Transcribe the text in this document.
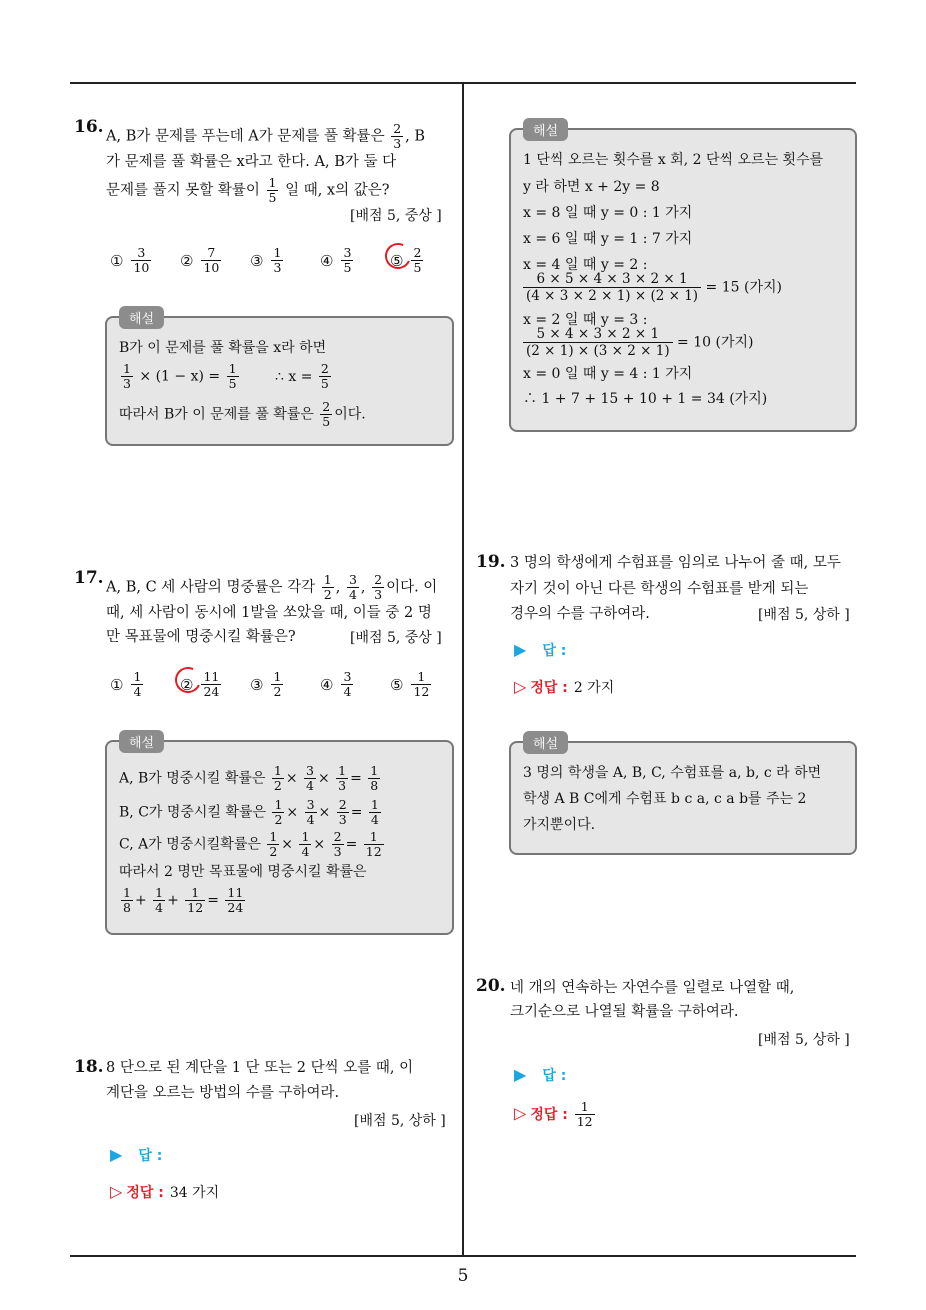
16. A, B가 문제를 푸는데 A가 문제를 풀 확률은 $\frac{2}{3}$ , B
가 문제를 풀 확률은 x라고 한다. A, B가 둘 다
문제를 풀지 못할 확률이 $\frac{1}{5}$ 일 때, x의 값은?
[배점 5, 중상 ]
① $\frac{3}{10}$ ② $\frac{7}{10}$ ③ $\frac{1}{3}$ ④ $\frac{3}{5}$ ⑤ $\frac{2}{5}$
해설
B가 이 문제를 풀 확률을 x라 하면
$\frac{1}{3} \times (1 - x) = \frac{1}{5}$	∴ $x = \frac{2}{5}$
따라서 B가 이 문제를 풀 확률은 $\frac{2}{5}$ 이다.
17. A, B, C 세 사람의 명중률은 각각 $\frac{1}{2}$ , $\frac{3}{4}$ , $\frac{2}{3}$ 이다. 이
때, 세 사람이 동시에 1발을 쏘았을 때, 이들 중 2 명
만 목표물에 명중시킬 확률은?	[배점 5, 중상 ]
① $\frac{1}{4}$ ② $\frac{11}{24}$ ③ $\frac{1}{2}$ ④ $\frac{3}{4}$ ⑤ $\frac{1}{12}$
해설
A, B가 명중시킬 확률은 $\frac{1}{2} \times \frac{3}{4} \times \frac{1}{3} = \frac{1}{8}$
B, C가 명중시킬 확률은 $\frac{1}{2} \times \frac{3}{4} \times \frac{2}{3} = \frac{1}{4}$
C, A가 명중시킬확률은 $\frac{1}{2} \times \frac{1}{4} \times \frac{2}{3} = \frac{1}{12}$
따라서 2 명만 목표물에 명중시킬 확률은
$\frac{1}{8} + \frac{1}{4} + \frac{1}{12} = \frac{11}{24}$
18. 8 단으로 된 계단을 1 단 또는 2 단씩 오를 때, 이
계단을 오르는 방법의 수를 구하여라.
[배점 5, 상하 ]
▶ 답 :
▷ 정답 : 34 가지
해설
1 단씩 오르는 횟수를 x 회, 2 단씩 오르는 횟수를
y 라 하면 x + 2y = 8
x = 8 일 때 y = 0 : 1 가지
x = 6 일 때 y = 1 : 7 가지
x = 4 일 때 y = 2 :
$\frac{6 \times 5 \times 4 \times 3 \times 2 \times 1}{(4 \times 3 \times 2 \times 1) \times (2 \times 1)} = 15$ (가지)
x = 2 일 때 y = 3 :
$\frac{5 \times 4 \times 3 \times 2 \times 1}{(2 \times 1) \times (3 \times 2 \times 1)} = 10$ (가지)
x = 0 일 때 y = 4 : 1 가지
∴ 1 + 7 + 15 + 10 + 1 = 34 (가지)
19. 3 명의 학생에게 수험표를 임의로 나누어 줄 때, 모두
자기 것이 아닌 다른 학생의 수험표를 받게 되는
경우의 수를 구하여라.	[배점 5, 상하 ]
▶ 답 :
▷ 정답 : 2 가지
해설
3 명의 학생을 A, B, C, 수험표를 a, b, c 라 하면
학생 A B C에게 수험표 b c a, c a b를 주는 2
가지뿐이다.
20. 네 개의 연속하는 자연수를 일렬로 나열할 때,
크기순으로 나열될 확률을 구하여라.
[배점 5, 상하 ]
▶ 답 :
▷ 정답 : $\frac{1}{12}$
5
